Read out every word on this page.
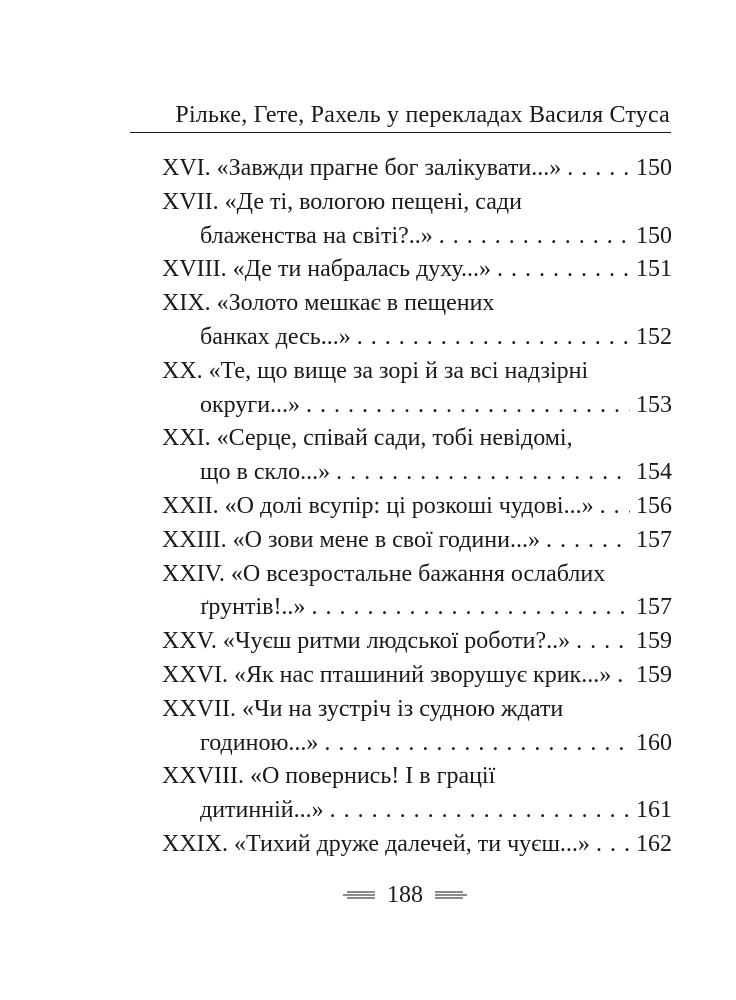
Рільке, Гете, Рахель у перекладах Василя Стуса
XVI. «Завжди прагне бог залікувати...» . . .	150
XVII. «Де ті, вологою пещені, сади
блаженства на світі?..» . . .	150
XVIII. «Де ти набралась духу...» . . .	151
XIX. «Золото мешкає в пещених
банках десь...» . . .	152
XX. «Те, що вище за зорі й за всі надзірні
округи...» . . .	153
XXI. «Серце, співай сади, тобі невідомі,
що в скло...» . . .	154
XXII. «О долі всупір: ці розкоші чудові...» . . . 156
XXIII. «О зови мене в свої години...» . . .	157
XXIV. «О всезростальне бажання ослаблих
ґрунтів!..» . . .	157
XXV. «Чуєш ритми людської роботи?..» . . .	159
XXVI. «Як нас пташиний зворушує крик...» . . . 159
XXVII. «Чи на зустріч із судною ждати
годиною...» . . .	160
XXVIII. «О повернись! І в грації
дитинній...» . . .	161
XXIX. «Тихий друже далечей, ти чуєш...» . . . 162
188
